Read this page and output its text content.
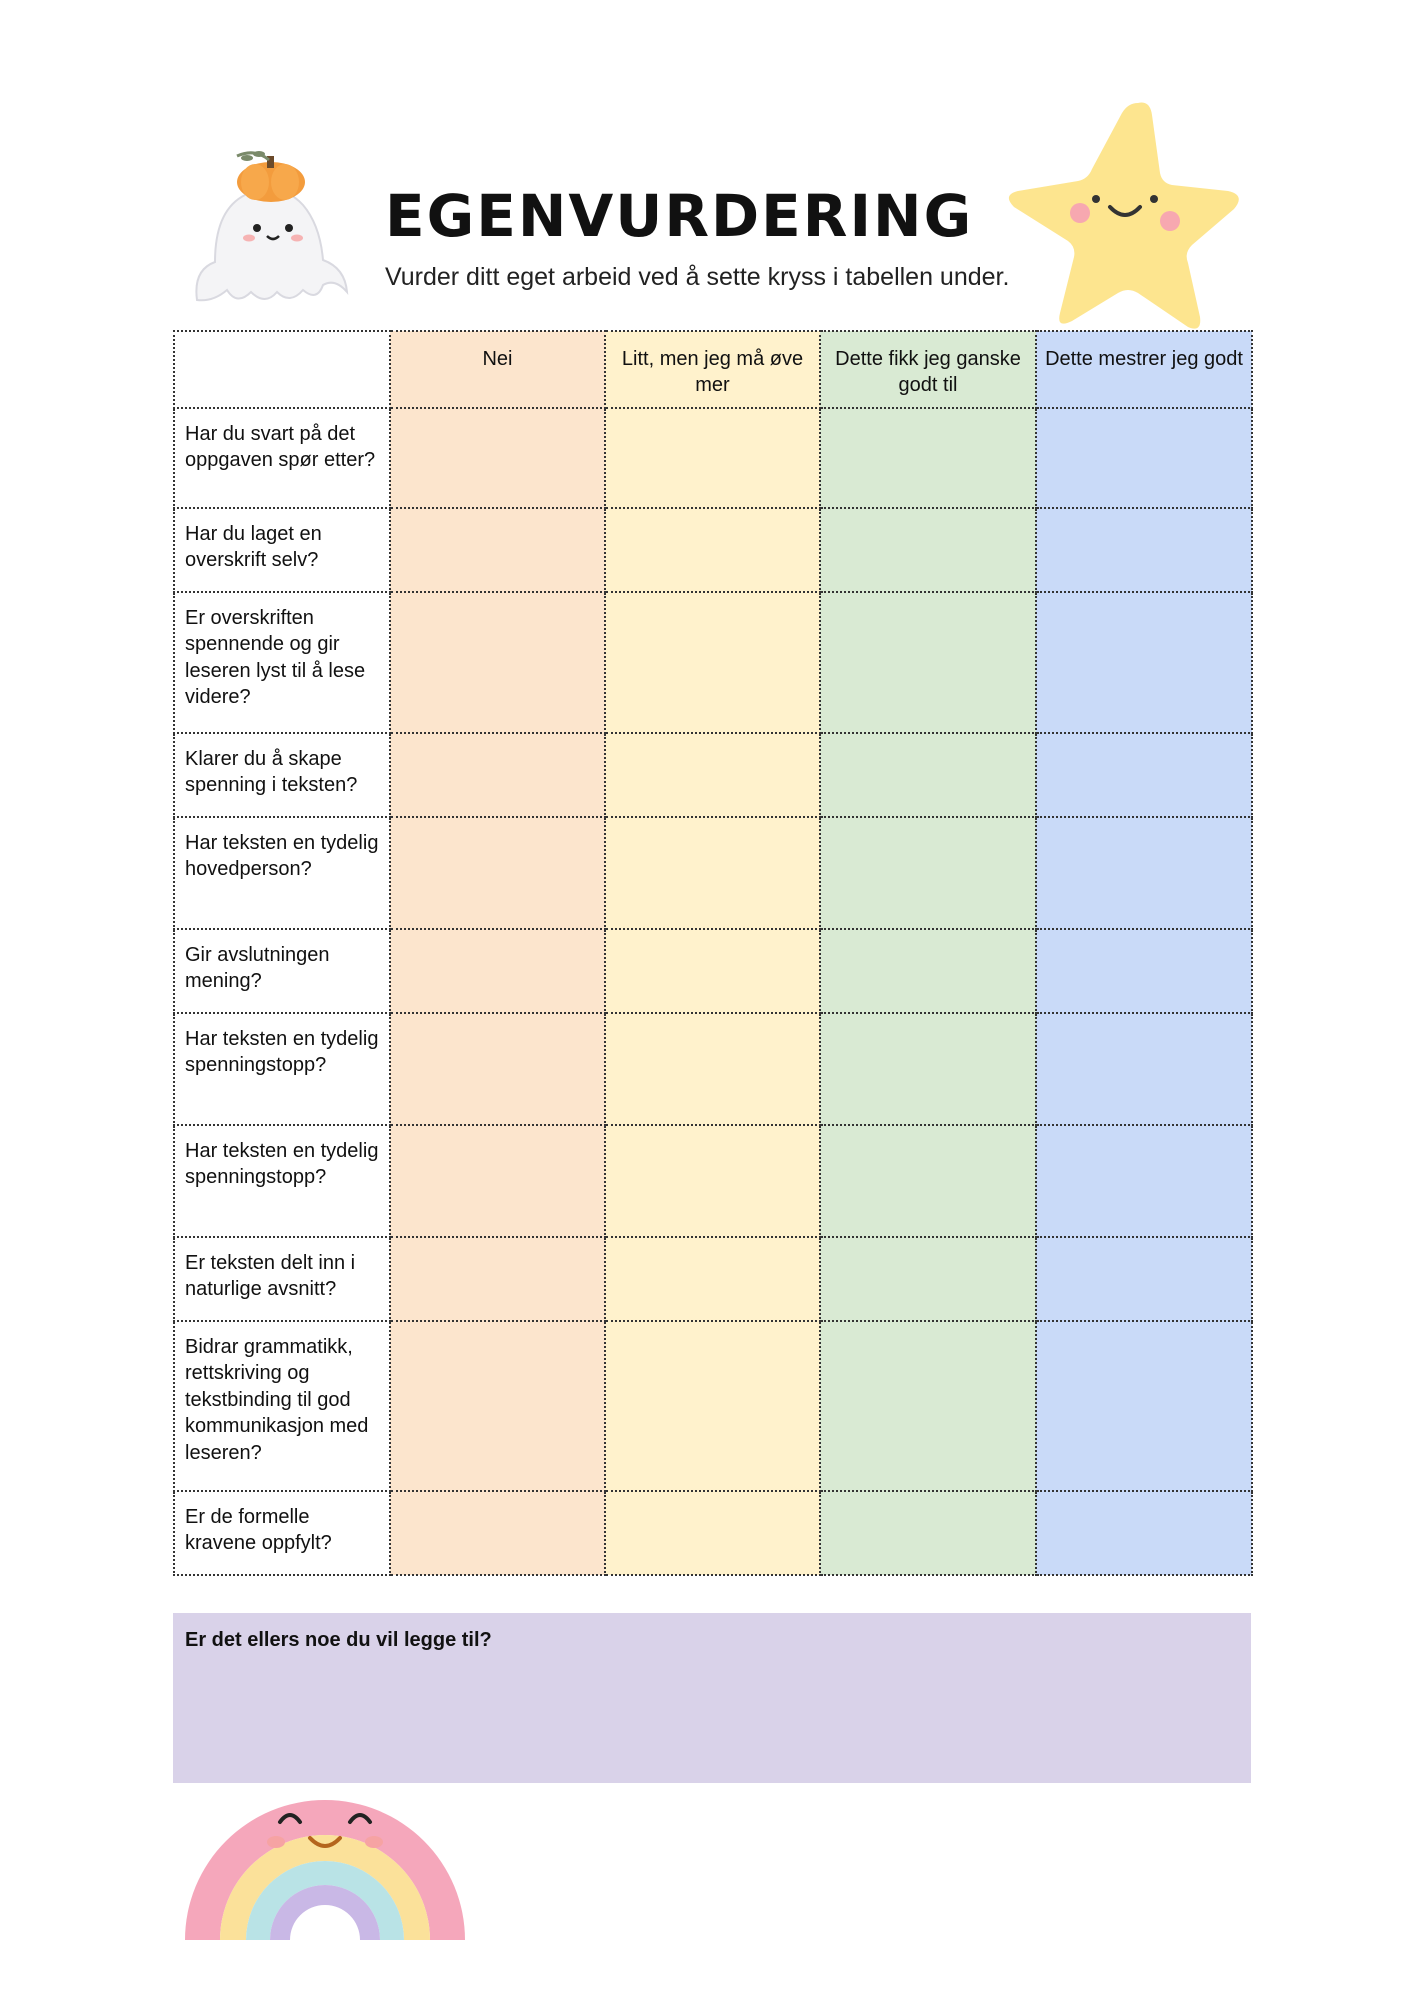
EGENVURDERING

Vurder ditt eget arbeid ved å sette kryss i tabellen under.

	Nei	Litt, men jeg må øve mer	Dette fikk jeg ganske godt til	Dette mestrer jeg godt
Har du svart på det oppgaven spør etter?				
Har du laget en overskrift selv?				
Er overskriften spennende og gir leseren lyst til å lese videre?				
Klarer du å skape spenning i teksten?				
Har teksten en tydelig hovedperson?				
Gir avslutningen mening?				
Har teksten en tydelig spenningstopp?				
Har teksten en tydelig spenningstopp?				
Er teksten delt inn i naturlige avsnitt?				
Bidrar grammatikk, rettskriving og tekstbinding til god kommunikasjon med leseren?				
Er de formelle kravene oppfylt?				

Er det ellers noe du vil legge til?
